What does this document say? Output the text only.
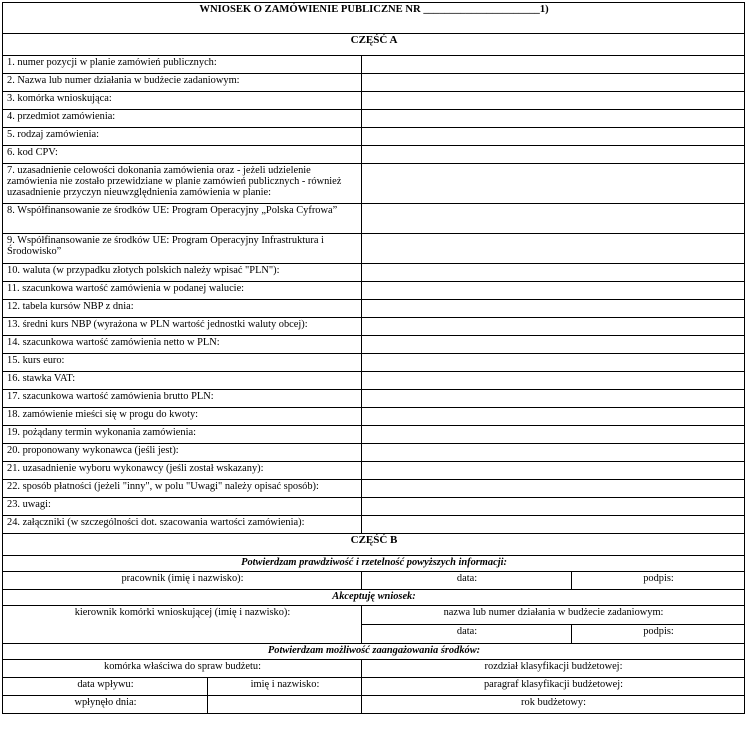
WNIOSEK O ZAMÓWIENIE PUBLICZNE NR ______________________1)			
CZĘŚĆ A			
1. numer pozycji w planie zamówień publicznych:			
2. Nazwa lub numer działania w budżecie zadaniowym:			
3. komórka wnioskująca:			
4. przedmiot zamówienia:			
5. rodzaj zamówienia:			
6. kod CPV:			
7. uzasadnienie celowości dokonania zamówienia oraz - jeżeli udzielenie zamówienia nie zostało przewidziane w planie zamówień publicznych - również uzasadnienie przyczyn nieuwzględnienia zamówienia w planie:			
8. Współfinansowanie ze środków UE: Program Operacyjny „Polska Cyfrowa”			
9. Współfinansowanie ze środków UE: Program Operacyjny Infrastruktura i Środowisko”			
10. waluta (w przypadku złotych polskich należy wpisać "PLN"):			
11. szacunkowa wartość zamówienia w podanej walucie:			
12. tabela kursów NBP z dnia:			
13. średni kurs NBP (wyrażona w PLN wartość jednostki waluty obcej):			
14. szacunkowa wartość zamówienia netto w PLN:			
15. kurs euro:			
16. stawka VAT:			
17. szacunkowa wartość zamówienia brutto PLN:			
18. zamówienie mieści się w progu do kwoty:			
19. pożądany termin wykonania zamówienia:			
20. proponowany wykonawca (jeśli jest):			
21. uzasadnienie wyboru wykonawcy (jeśli został wskazany):			
22. sposób płatności (jeżeli "inny", w polu "Uwagi" należy opisać sposób):			
23. uwagi:			
24. załączniki (w szczególności dot. szacowania wartości zamówienia):			
CZĘŚĆ B			
Potwierdzam prawdziwość i rzetelność powyższych informacji:			
pracownik (imię i nazwisko):		data:	podpis:
Akceptuję wniosek:			
kierownik komórki wnioskującej (imię i nazwisko):		nazwa lub numer działania w budżecie zadaniowym:	
		data:	podpis:
Potwierdzam możliwość zaangażowania środków:			
komórka właściwa do spraw budżetu:		rozdział klasyfikacji budżetowej:	
data wpływu:	imię i nazwisko:	paragraf klasyfikacji budżetowej:	
wpłynęło dnia:		rok budżetowy:	
